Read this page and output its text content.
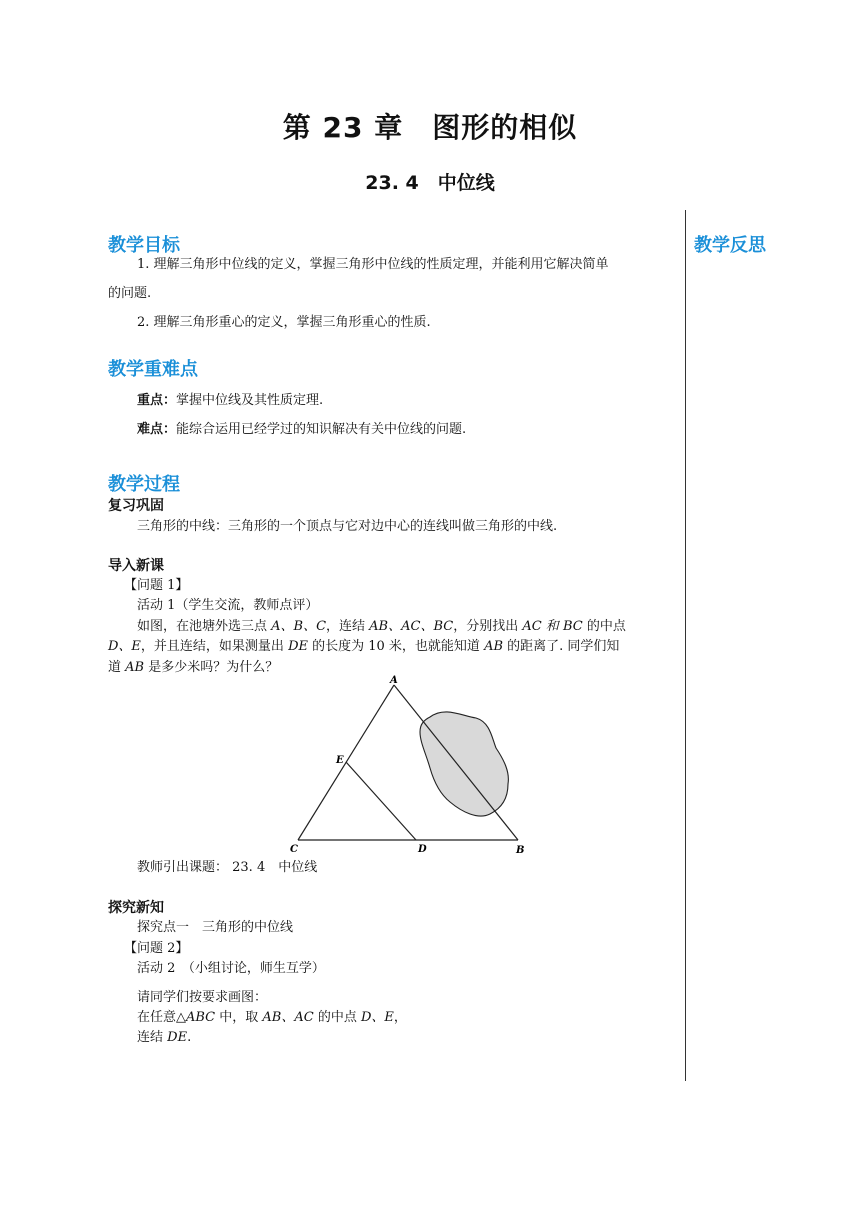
第 23 章　图形的相似
23. 4　中位线
教学反思
教学目标
1. 理解三角形中位线的定义，掌握三角形中位线的性质定理，并能利用它解决简单
的问题.
2. 理解三角形重心的定义，掌握三角形重心的性质.
教学重难点
重点：掌握中位线及其性质定理.
难点：能综合运用已经学过的知识解决有关中位线的问题.
教学过程
复习巩固
三角形的中线：三角形的一个顶点与它对边中心的连线叫做三角形的中线.
导入新课
【问题 1】
活动 1（学生交流，教师点评）
如图，在池塘外选三点 A、B、C，连结 AB、AC、BC，分别找出 AC 和 BC 的中点
D、E，并且连结，如果测量出 DE 的长度为 10 米，也就能知道 AB 的距离了. 同学们知
道 AB 是多少米吗？为什么？
A
E
C	D	B
教师引出课题： 23. 4　中位线
探究新知
探究点一　三角形的中位线
【问题 2】
活动 2　（小组讨论，师生互学）
请同学们按要求画图：
在任意△ABC 中，取 AB、AC 的中点 D、E，
连结 DE.
